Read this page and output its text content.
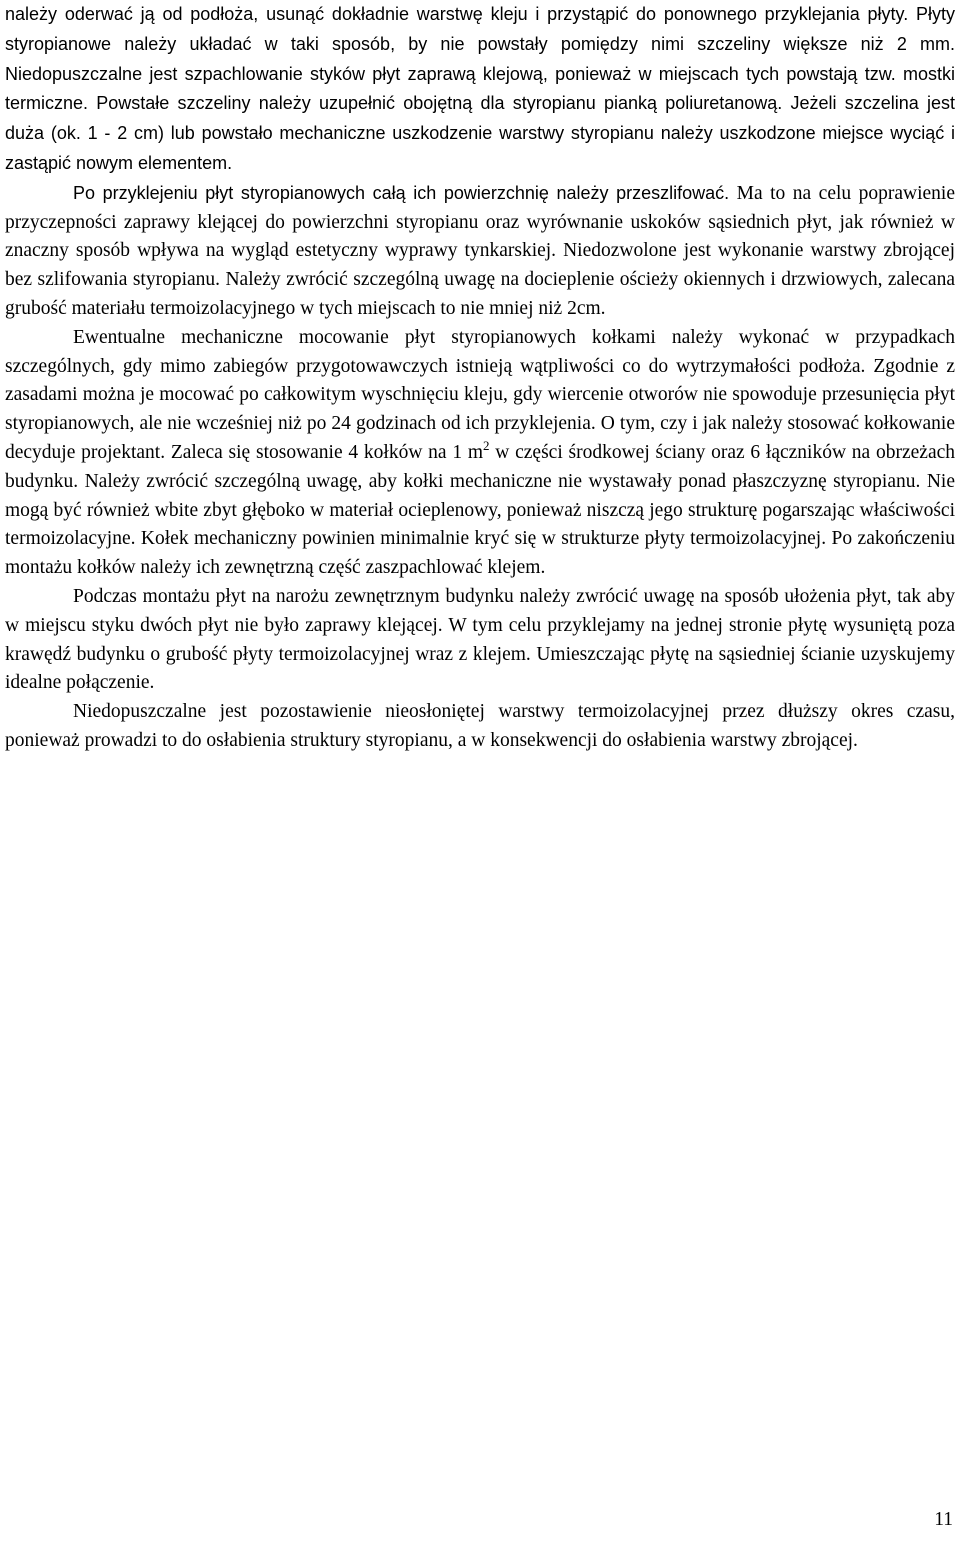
należy oderwać ją od podłoża, usunąć dokładnie warstwę kleju i przystąpić do ponownego przyklejania płyty. Płyty styropianowe należy układać w taki sposób, by nie powstały pomiędzy nimi szczeliny większe niż 2 mm. Niedopuszczalne jest szpachlowanie styków płyt zaprawą klejową, ponieważ w miejscach tych powstają tzw. mostki termiczne. Powstałe szczeliny należy uzupełnić obojętną dla styropianu pianką poliuretanową. Jeżeli szczelina jest duża (ok. 1 - 2 cm) lub powstało mechaniczne uszkodzenie warstwy styropianu należy uszkodzone miejsce wyciąć i zastąpić nowym elementem.

Po przyklejeniu płyt styropianowych całą ich powierzchnię należy przeszlifować. Ma to na celu poprawienie przyczepności zaprawy klejącej do powierzchni styropianu oraz wyrównanie uskoków sąsiednich płyt, jak również w znaczny sposób wpływa na wygląd estetyczny wyprawy tynkarskiej. Niedozwolone jest wykonanie warstwy zbrojącej bez szlifowania styropianu. Należy zwrócić szczególną uwagę na docieplenie ościeży okiennych i drzwiowych, zalecana grubość materiału termoizolacyjnego w tych miejscach to nie mniej niż 2cm.

Ewentualne mechaniczne mocowanie płyt styropianowych kołkami należy wykonać w przypadkach szczególnych, gdy mimo zabiegów przygotowawczych istnieją wątpliwości co do wytrzymałości podłoża. Zgodnie z zasadami można je mocować po całkowitym wyschnięciu kleju, gdy wiercenie otworów nie spowoduje przesunięcia płyt styropianowych, ale nie wcześniej niż po 24 godzinach od ich przyklejenia. O tym, czy i jak należy stosować kołkowanie decyduje projektant. Zaleca się stosowanie 4 kołków na 1 $m^2$ w części środkowej ściany oraz 6 łączników na obrzeżach budynku. Należy zwrócić szczególną uwagę, aby kołki mechaniczne nie wystawały ponad płaszczyznę styropianu. Nie mogą być również wbite zbyt głęboko w materiał ocieplenowy, ponieważ niszczą jego strukturę pogarszając właściwości termoizolacyjne. Kołek mechaniczny powinien minimalnie kryć się w strukturze płyty termoizolacyjnej. Po zakończeniu montażu kołków należy ich zewnętrzną część zaszpachlować klejem.

Podczas montażu płyt na narożu zewnętrznym budynku należy zwrócić uwagę na sposób ułożenia płyt, tak aby w miejscu styku dwóch płyt nie było zaprawy klejącej. W tym celu przyklejamy na jednej stronie płytę wysuniętą poza krawędź budynku o grubość płyty termoizolacyjnej wraz z klejem. Umieszczając płytę na sąsiedniej ścianie uzyskujemy idealne połączenie.

Niedopuszczalne jest pozostawienie nieosłoniętej warstwy termoizolacyjnej przez dłuższy okres czasu, ponieważ prowadzi to do osłabienia struktury styropianu, a w konsekwencji do osłabienia warstwy zbrojącej.

11
